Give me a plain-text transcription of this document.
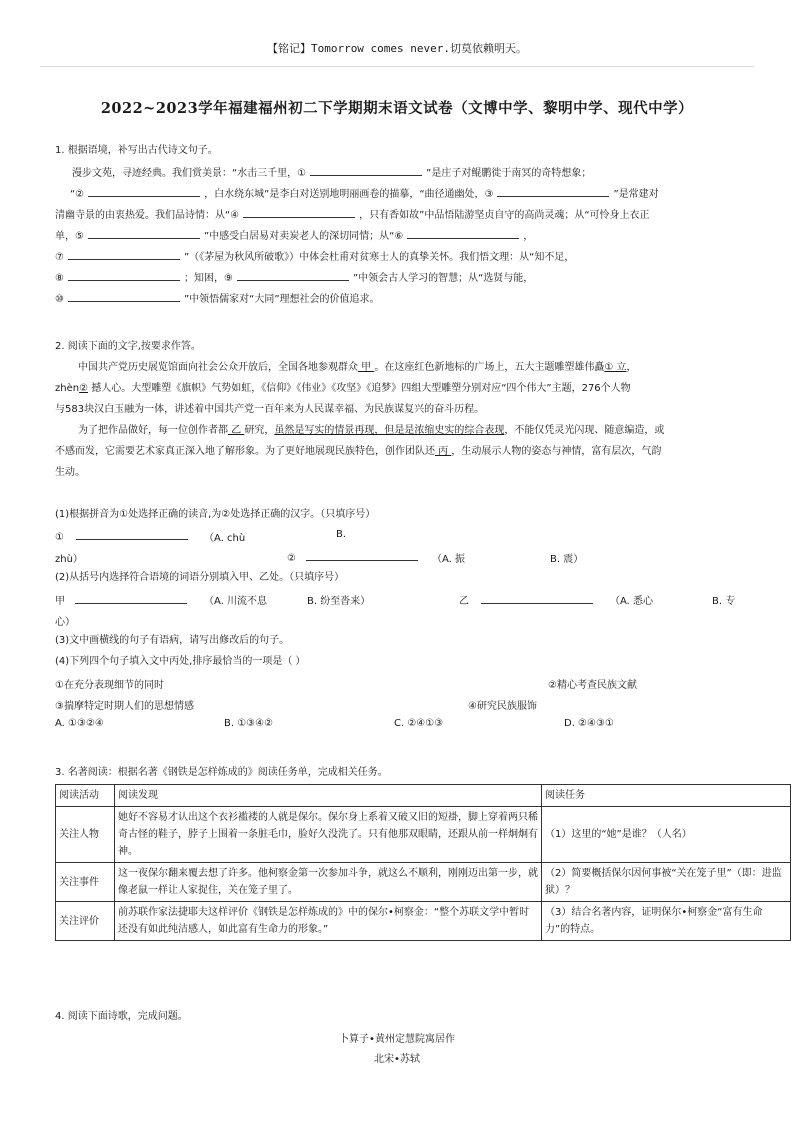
【铭记】Tomorrow comes never.切莫依赖明天。
2022~2023学年福建福州初二下学期期末语文试卷（文博中学、黎明中学、现代中学）
1. 根据语境，补写出古代诗文句子。
漫步文苑，寻迹经典。我们赏美景：“水击三千里，①	”是庄子对鲲鹏徙于南冥的奇特想象；
“②	，白水绕东城”是李白对送别地明丽画卷的描摹，“曲径通幽处，③	”是常建对
清幽寺景的由衷热爱。我们品诗情：从“④	，只有香如故”中品悟陆游坚贞自守的高尚灵魂；从“可怜身上衣正
单，⑤	”中感受白居易对卖炭老人的深切同情；从“⑥	，
⑦	”（《茅屋为秋风所破歌》）中体会杜甫对贫寒士人的真挚关怀。我们悟文理：从“知不足，
⑧	；知困，⑨	”中领会古人学习的智慧；从“选贤与能，
⑩	”中领悟儒家对“大同”理想社会的价值追求。
2. 阅读下面的文字,按要求作答。
中国共产党历史展览馆面向社会公众开放后，全国各地参观群众 甲 。在这座红色新地标的广场上，五大主题雕塑雄伟矗① 立，
zhèn② 撼人心。大型雕塑《旗帜》气势如虹，《信仰》《伟业》《攻坚》《追梦》四组大型雕塑分别对应“四个伟大”主题，276个人物
与583块汉白玉融为一体，讲述着中国共产党一百年来为人民谋幸福、为民族谋复兴的奋斗历程。
为了把作品做好，每一位创作者都 乙 研究，虽然是写实的情景再现，但是是浓缩史实的综合表现，不能仅凭灵光闪现、随意编造，或
不感而发，它需要艺术家真正深入地了解形象。为了更好地展现民族特色，创作团队还 丙 ，生动展示人物的姿态与神情，富有层次，气韵
生动。
(1)根据拼音为①处选择正确的读音,为②处选择正确的汉字。（只填序号）
①	（A. chù	B.
zhù）	②	（A. 振	B. 震）
(2)从括号内选择符合语境的词语分别填入甲、乙处。（只填序号）
甲	（A. 川流不息	B. 纷至沓来）	乙	（A. 悉心	B. 专
心）
(3)文中画横线的句子有语病，请写出修改后的句子。
(4)下列四个句子填入文中丙处,排序最恰当的一项是（ ）
①在充分表现细节的同时	②精心考查民族文献
③揣摩特定时期人们的思想情感	④研究民族服饰
A. ①③②④	B. ①③④②	C. ②④①③	D. ②④③①
3. 名著阅读：根据名著《钢铁是怎样炼成的》阅读任务单，完成相关任务。
阅读活动	阅读发现	阅读任务
关注人物	她好不容易才认出这个衣衫褴褛的人就是保尔。保尔身上系着又破又旧的短褂，脚上穿着两只稀奇古怪的鞋子，脖子上围着一条脏毛巾，脸好久没洗了。只有他那双眼睛，还跟从前一样炯炯有神。	（1）这里的“她”是谁？（人名）
关注事件	这一夜保尔翻来覆去想了许多。他柯察金第一次参加斗争，就这么不顺利，刚刚迈出第一步，就像老鼠一样让人家捉住，关在笼子里了。	（2）简要概括保尔因何事被“关在笼子里”（即：进监狱）？
关注评价	前苏联作家法捷耶夫这样评价《钢铁是怎样炼成的》中的保尔•柯察金：“整个苏联文学中暂时还没有如此纯洁感人，如此富有生命力的形象。”	（3）结合名著内容，证明保尔•柯察金“富有生命力”的特点。
4. 阅读下面诗歌，完成问题。
卜算子•黄州定慧院寓居作
北宋•苏轼
